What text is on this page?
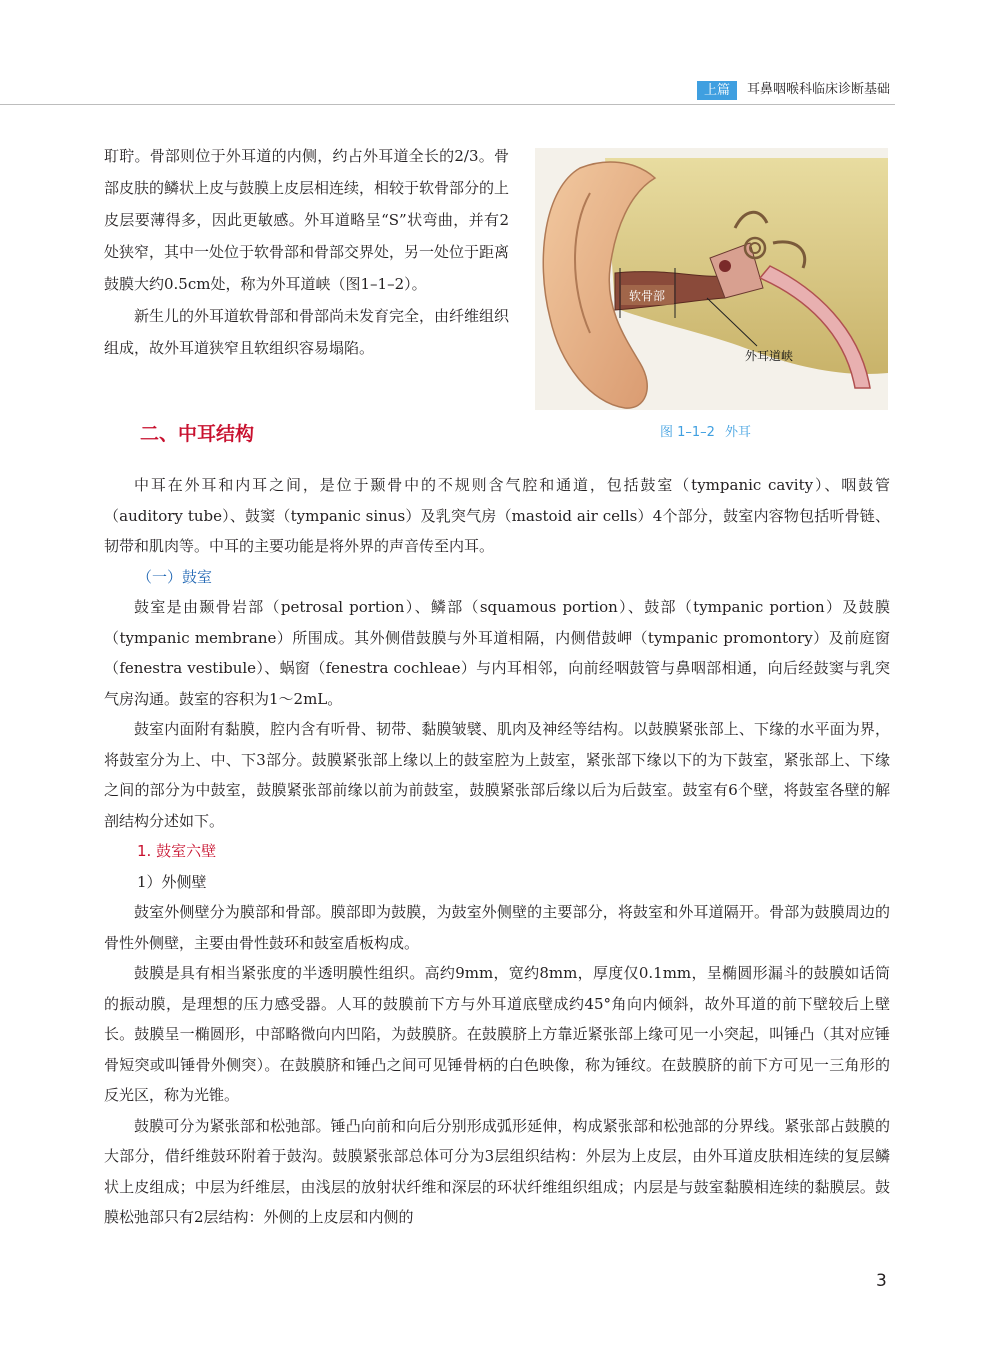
上篇	耳鼻咽喉科临床诊断基础

耵聍。骨部则位于外耳道的内侧，约占外耳道全长的2/3。骨部皮肤的鳞状上皮与鼓膜上皮层相连续，相较于软骨部分的上皮层要薄得多，因此更敏感。外耳道略呈“S”状弯曲，并有2处狭窄，其中一处位于软骨部和骨部交界处，另一处位于距离鼓膜大约0.5cm处，称为外耳道峡（图1–1–2）。

新生儿的外耳道软骨部和骨部尚未发育完全，由纤维组织组成，故外耳道狭窄且软组织容易塌陷。

软骨部
外耳道峡
图 1–1–2 外耳
二、中耳结构

中耳在外耳和内耳之间，是位于颞骨中的不规则含气腔和通道，包括鼓室（tympanic cavity）、咽鼓管（auditory tube）、鼓窦（tympanic sinus）及乳突气房（mastoid air cells）4个部分，鼓室内容物包括听骨链、韧带和肌肉等。中耳的主要功能是将外界的声音传至内耳。

（一）鼓室

鼓室是由颞骨岩部（petrosal portion）、鳞部（squamous portion）、鼓部（tympanic portion）及鼓膜（tympanic membrane）所围成。其外侧借鼓膜与外耳道相隔，内侧借鼓岬（tympanic promontory）及前庭窗（fenestra vestibule）、蜗窗（fenestra cochleae）与内耳相邻，向前经咽鼓管与鼻咽部相通，向后经鼓窦与乳突气房沟通。鼓室的容积为1～2mL。

鼓室内面附有黏膜，腔内含有听骨、韧带、黏膜皱襞、肌肉及神经等结构。以鼓膜紧张部上、下缘的水平面为界，将鼓室分为上、中、下3部分。鼓膜紧张部上缘以上的鼓室腔为上鼓室，紧张部下缘以下的为下鼓室，紧张部上、下缘之间的部分为中鼓室，鼓膜紧张部前缘以前为前鼓室，鼓膜紧张部后缘以后为后鼓室。鼓室有6个壁，将鼓室各壁的解剖结构分述如下。

1. 鼓室六壁

1）外侧壁

鼓室外侧壁分为膜部和骨部。膜部即为鼓膜，为鼓室外侧壁的主要部分，将鼓室和外耳道隔开。骨部为鼓膜周边的骨性外侧壁，主要由骨性鼓环和鼓室盾板构成。

鼓膜是具有相当紧张度的半透明膜性组织。高约9mm，宽约8mm，厚度仅0.1mm，呈椭圆形漏斗的鼓膜如话筒的振动膜，是理想的压力感受器。人耳的鼓膜前下方与外耳道底壁成约45°角向内倾斜，故外耳道的前下壁较后上壁长。鼓膜呈一椭圆形，中部略微向内凹陷，为鼓膜脐。在鼓膜脐上方靠近紧张部上缘可见一小突起，叫锤凸（其对应锤骨短突或叫锤骨外侧突）。在鼓膜脐和锤凸之间可见锤骨柄的白色映像，称为锤纹。在鼓膜脐的前下方可见一三角形的反光区，称为光锥。

鼓膜可分为紧张部和松弛部。锤凸向前和向后分别形成弧形延伸，构成紧张部和松弛部的分界线。紧张部占鼓膜的大部分，借纤维鼓环附着于鼓沟。鼓膜紧张部总体可分为3层组织结构：外层为上皮层，由外耳道皮肤相连续的复层鳞状上皮组成；中层为纤维层，由浅层的放射状纤维和深层的环状纤维组织组成；内层是与鼓室黏膜相连续的黏膜层。鼓膜松弛部只有2层结构：外侧的上皮层和内侧的

3
